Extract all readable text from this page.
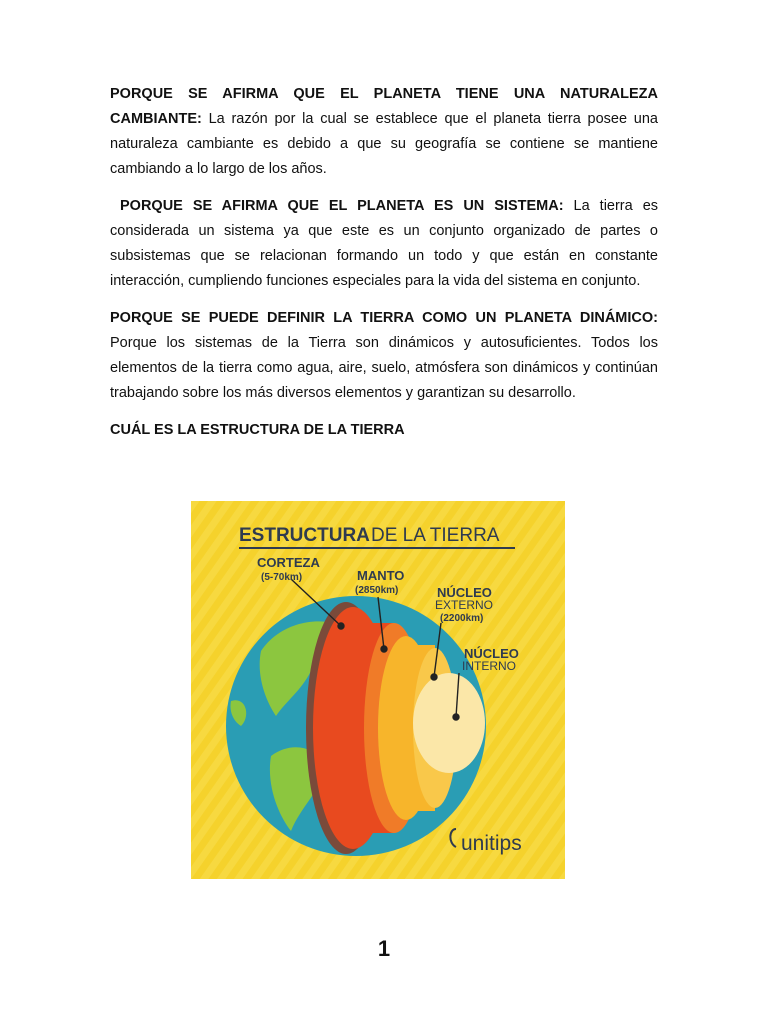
PORQUE SE AFIRMA QUE EL PLANETA TIENE UNA NATURALEZA CAMBIANTE: La razón por la cual se establece que el planeta tierra posee una naturaleza cambiante es debido a que su geografía se contiene se mantiene cambiando a lo largo de los años.

PORQUE SE AFIRMA QUE EL PLANETA ES UN SISTEMA: La tierra es considerada un sistema ya que este es un conjunto organizado de partes o subsistemas que se relacionan formando un todo y que están en constante interacción, cumpliendo funciones especiales para la vida del sistema en conjunto.

PORQUE SE PUEDE DEFINIR LA TIERRA COMO UN PLANETA DINÁMICO: Porque los sistemas de la Tierra son dinámicos y autosuficientes. Todos los elementos de la tierra como agua, aire, suelo, atmósfera son dinámicos y continúan trabajando sobre los más diversos elementos y garantizan su desarrollo.

CUÁL ES LA ESTRUCTURA DE LA TIERRA
ESTRUCTURA DE LA TIERRA
CORTEZA
(5-70km)	MANTO
(2850km)	NÚCLEO
EXTERNO
(2200km)
NÚCLEO
INTERNO
unitips
1
